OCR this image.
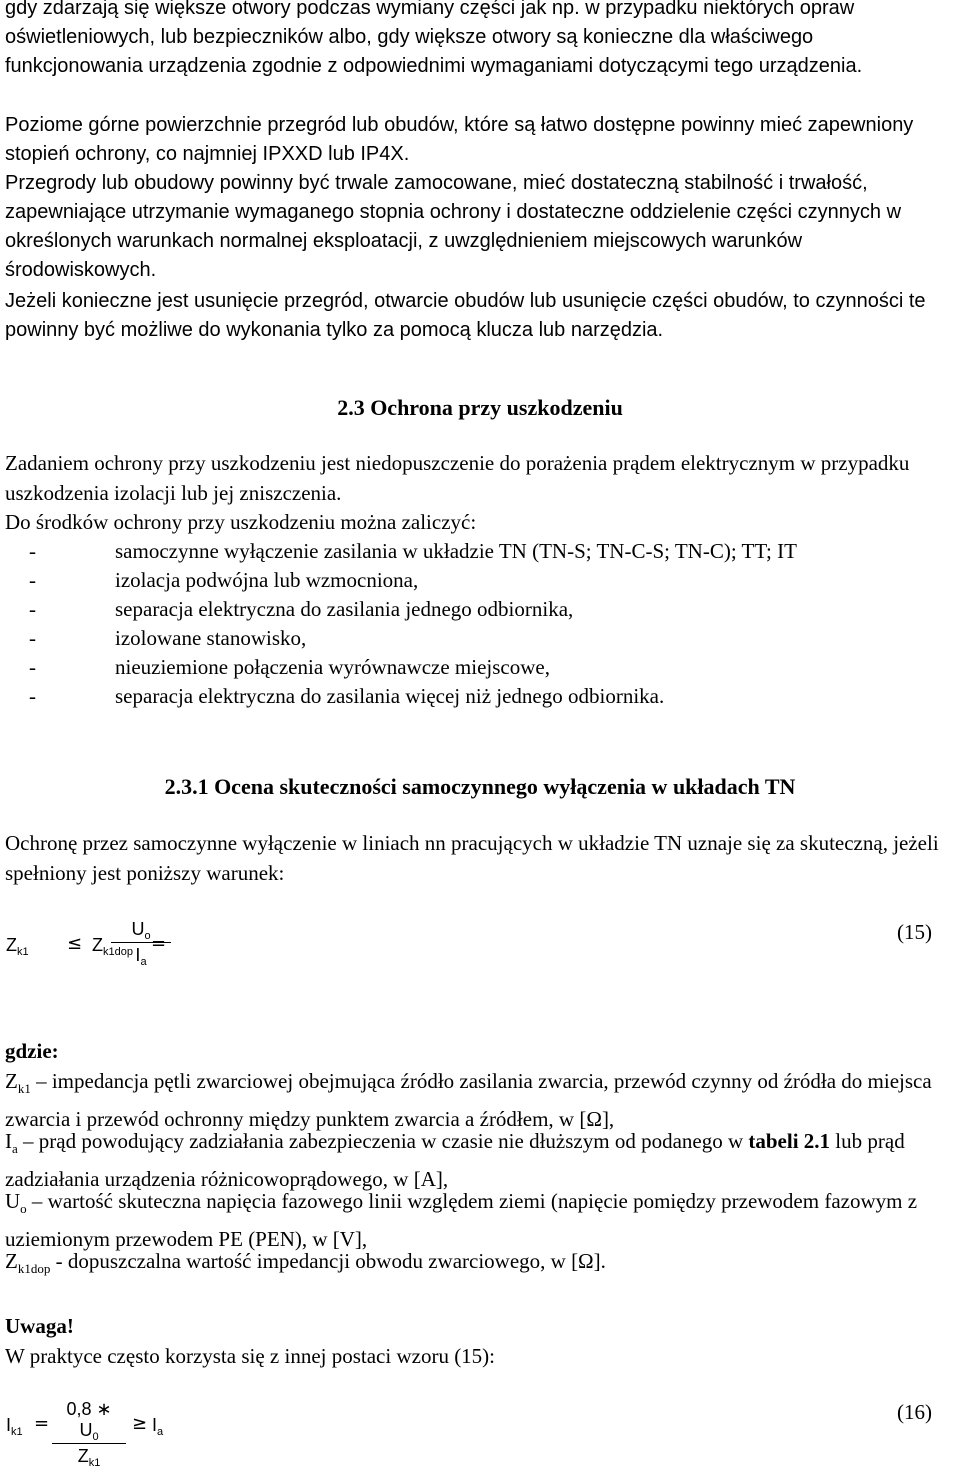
gdy zdarzają się większe otwory podczas wymiany części jak np. w przypadku niektórych opraw oświetleniowych, lub bezpieczników albo, gdy większe otwory są konieczne dla właściwego funkcjonowania urządzenia zgodnie z odpowiednimi wymaganiami dotyczącymi tego urządzenia.

Poziome górne powierzchnie przegród lub obudów, które są łatwo dostępne powinny mieć zapewniony stopień ochrony, co najmniej IPXXD lub IP4X.

Przegrody lub obudowy powinny być trwale zamocowane, mieć dostateczną stabilność i trwałość, zapewniające utrzymanie wymaganego stopnia ochrony i dostateczne oddzielenie części czynnych w określonych warunkach normalnej eksploatacji, z uwzględnieniem miejscowych warunków środowiskowych.

Jeżeli konieczne jest usunięcie przegród, otwarcie obudów lub usunięcie części obudów, to czynności te powinny być możliwe do wykonania tylko za pomocą klucza lub narzędzia.

2.3 Ochrona przy uszkodzeniu

Zadaniem ochrony przy uszkodzeniu jest niedopuszczenie do porażenia prądem elektrycznym w przypadku uszkodzenia izolacji lub jej zniszczenia.

Do środków ochrony przy uszkodzeniu można zaliczyć:

-	samoczynne wyłączenie zasilania w układzie TN (TN-S; TN-C-S; TN-C); TT; IT
-	izolacja podwójna lub wzmocniona,
-	separacja elektryczna do zasilania jednego odbiornika,
-	izolowane stanowisko,
-	nieuziemione połączenia wyrównawcze miejscowe,
-	separacja elektryczna do zasilania więcej niż jednego odbiornika.
2.3.1 Ocena skuteczności samoczynnego wyłączenia w układach TN

Ochronę przez samoczynne wyłączenie w liniach nn pracujących w układzie TN uznaje się za skuteczną, jeżeli spełniony jest poniższy warunek:

$Z_{k1} \le Z_{k1dop}$ =
$U_o$
$I_a$
(15)

gdzie:

$Z_{k1}$ – impedancja pętli zwarciowej obejmująca źródło zasilania zwarcia, przewód czynny od źródła do miejsca zwarcia i przewód ochronny między punktem zwarcia a źródłem, w [Ω],

$I_a$ – prąd powodujący zadziałania zabezpieczenia w czasie nie dłuższym od podanego w tabeli 2.1 lub prąd zadziałania urządzenia różnicowoprądowego, w [A],

$U_o$ – wartość skuteczna napięcia fazowego linii względem ziemi (napięcie pomiędzy przewodem fazowym z uziemionym przewodem PE (PEN), w [V],

$Z_{k1dop}$ - dopuszczalna wartość impedancji obwodu zwarciowego, w [Ω].

Uwaga!

W praktyce często korzysta się z innej postaci wzoru (15):

$I_{k1}$ =
0,8 ∗ $U_0$
$Z_{k1}$
≥ $I_a$
(16)
